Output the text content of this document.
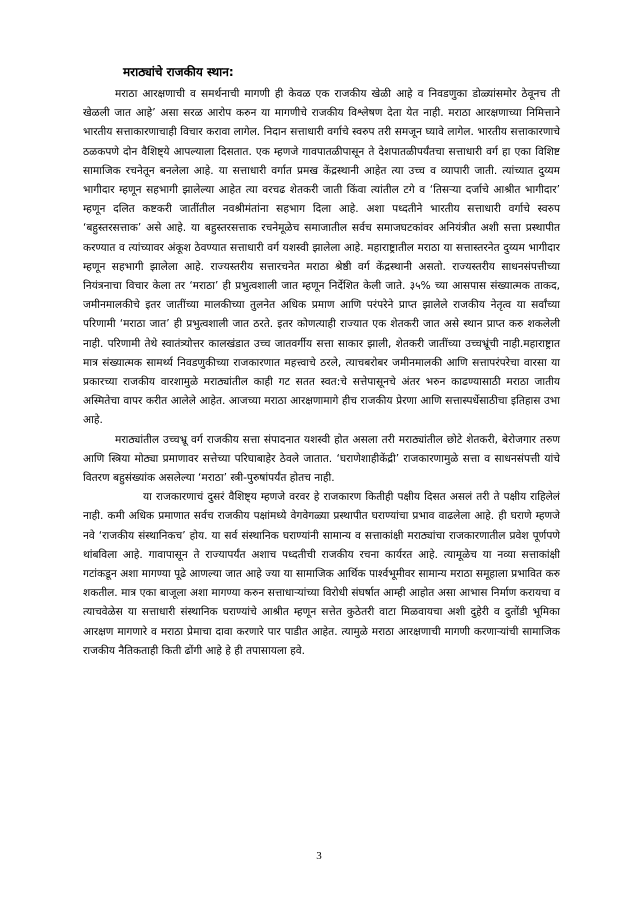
मराठ्यांचे राजकीय स्थान:

मराठा आरक्षणाची व समर्थनाची मागणी ही केवळ एक राजकीय खेळी आहे व निवडणुका डोळ्यांसमोर ठेवूनच ती खेळली जात आहे’ असा सरळ आरोप करुन या मागणीचे राजकीय विश्लेषण देता येत नाही. मराठा आरक्षणाच्या निमित्ताने भारतीय सत्ताकारणाचाही विचार करावा लागेल. निदान सत्ताधारी वर्गाचे स्वरुप तरी समजून घ्यावे लागेल. भारतीय सत्ताकारणाचे ठळकपणे दोन वैशिष्ट्ये आपल्याला दिसतात. एक म्हणजे गावपातळीपासून ते देशपातळीपर्यंतचा सत्ताधारी वर्ग हा एका विशिष्ट सामाजिक रचनेतून बनलेला आहे. या सत्ताधारी वर्गात प्रमख केंद्रस्थानी आहेत त्या उच्च व व्यापारी जाती. त्यांच्यात दुय्यम भागीदार म्हणून सहभागी झालेल्या आहेत त्या वरचढ शेतकरी जाती किंवा त्यांतील टगे व ‘तिसऱ्या दर्जाचे आश्रीत भागीदार’ म्हणून दलित कष्टकरी जातींतील नवश्रीमंतांना सहभाग दिला आहे. अशा पध्दतीने भारतीय सत्ताधारी वर्गाचे स्वरुप ‘बहुस्तरसत्ताक’ असे आहे. या बहुस्तरसत्ताक रचनेमूळेच समाजातील सर्वच समाजघटकांवर अनियंत्रीत अशी सत्ता प्रस्थापीत करण्यात व त्यांच्यावर अंकूश ठेवण्यात सत्ताधारी वर्ग यशस्वी झालेला आहे. महाराष्ट्रातील मराठा या सत्तास्तरनेत दुय्यम भागीदार म्हणून सहभागी झालेला आहे. राज्यस्तरीय सत्तारचनेत मराठा श्रेष्ठी वर्ग केंद्रस्थानी असतो. राज्यस्तरीय साधनसंपत्तीच्या नियंत्रनाचा विचार केला तर ‘मराठा’ ही प्रभुत्वशाली जात म्हणून निर्देशित केली जाते. ३५% च्या आसपास संख्यात्मक ताकद, जमीनमालकीचे इतर जातींच्या मालकीच्या तुलनेत अधिक प्रमाण आणि परंपरेने प्राप्त झालेले राजकीय नेतृत्व या सर्वांच्या परिणामी ‘मराठा जात’ ही प्रभुत्वशाली जात ठरते. इतर कोणत्याही राज्यात एक शेतकरी जात असे स्थान प्राप्त करु शकलेली नाही. परिणामी तेथे स्वातंत्र्योत्तर कालखंडात उच्च जातवर्गीय सत्ता साकार झाली, शेतकरी जातींच्या उच्चभ्रूंची नाही.महाराष्ट्रात मात्र संख्यात्मक सामर्थ्य निवडणुकीच्या राजकारणात महत्त्वाचे ठरले, त्याचबरोबर जमीनमालकी आणि सत्तापरंपरेचा वारसा या प्रकारच्या राजकीय वारशामुळे मराठ्यांतील काही गट सतत स्वत:चे सत्तेपासूनचे अंतर भरुन काढण्यासाठी मराठा जातीय अस्मितेचा वापर करीत आलेले आहेत. आजच्या मराठा आरक्षणामागे हीच राजकीय प्रेरणा आणि सत्तास्पर्धेसाठीचा इतिहास उभा आहे.

मराठ्यांतील उच्चभ्रू वर्ग राजकीय सत्ता संपादनात यशस्वी होत असला तरी मराठ्यांतील छोटे शेतकरी, बेरोजगार तरुण आणि स्त्रिया मोठ्या प्रमाणावर सत्तेच्या परिघाबाहेर ठेवले जातात. ‘घराणेशाहीकेंद्री’ राजकारणामुळे सत्ता व साधनसंपत्ती यांचे वितरण बहुसंख्यांक असलेल्या ‘मराठा’ स्त्री-पुरुषांपर्यंत होतच नाही.

या राजकारणाचं दुसरं वैशिष्ट्य म्हणजे वरवर हे राजकारण कितीही पक्षीय दिसत असलं तरी ते पक्षीय राहिलेलं नाही. कमी अधिक प्रमाणात सर्वच राजकीय पक्षांमध्ये वेगवेगळ्या प्रस्थापीत घराण्यांचा प्रभाव वाढलेला आहे. ही घराणे म्हणजे नवे ‘राजकीय संस्थानिकच’ होय. या सर्व संस्थानिक घराण्यांनी सामान्य व सत्ताकांक्षी मराठ्यांचा राजकारणातील प्रवेश पूर्णपणे थांबविला आहे. गावापासून ते राज्यापर्यंत अशाच पध्दतीची राजकीय रचना कार्यरत आहे. त्यामूळेच या नव्या सत्ताकांक्षी गटांकडून अशा मागण्या पूढे आणल्या जात आहे ज्या या सामाजिक आर्थिक पार्श्वभूमीवर सामान्य मराठा समूहाला प्रभावित करु शकतील. मात्र एका बाजूला अशा मागण्या करुन सत्ताधाऱ्यांच्या विरोधी संघर्षात आम्ही आहोत असा आभास निर्माण करायचा व त्याचवेळेस या सत्ताधारी संस्थानिक घराण्यांचे आश्रीत म्हणून सत्तेत कुठेतरी वाटा मिळवायचा अशी दुहेरी व दुतोंडी भूमिका आरक्षण मागणारे व मराठा प्रेमाचा दावा करणारे पार पाडीत आहेत. त्यामुळे मराठा आरक्षणाची मागणी करणाऱ्यांची सामाजिक राजकीय नैतिकताही किती ढोंगी आहे हे ही तपासायला हवे.

3
